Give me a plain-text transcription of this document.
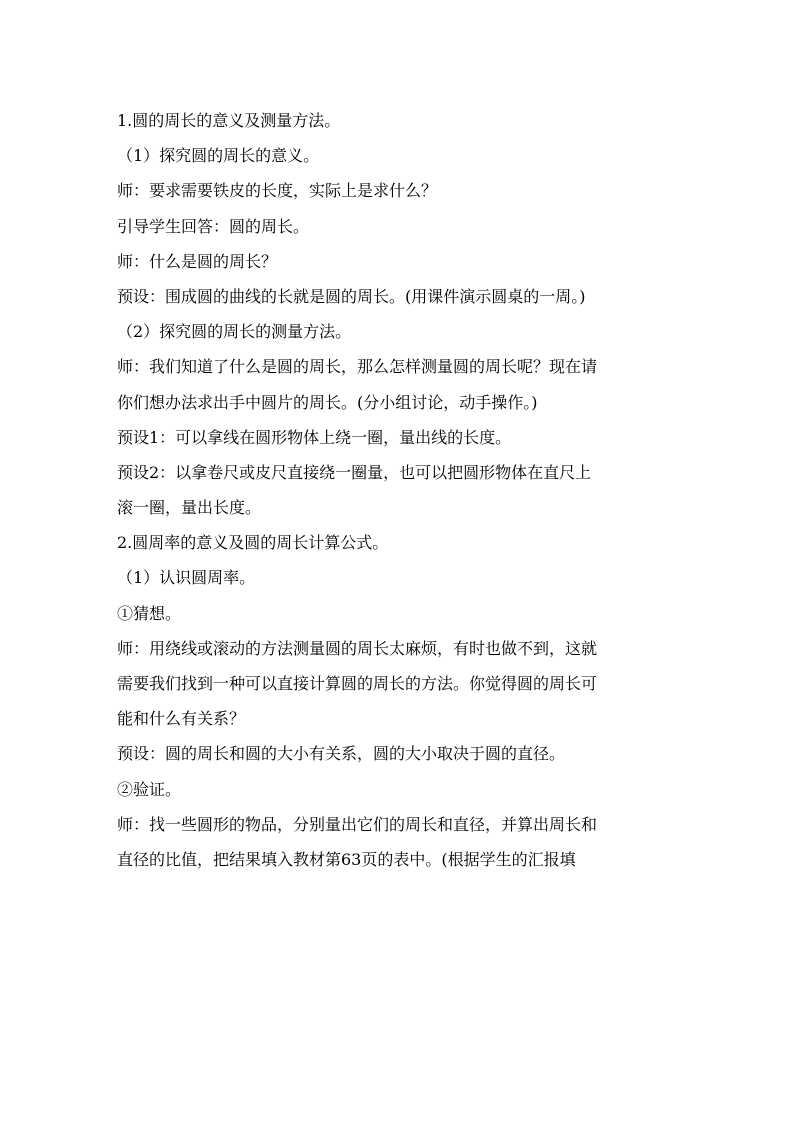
1.圆的周长的意义及测量方法。
（1）探究圆的周长的意义。
师：要求需要铁皮的长度，实际上是求什么？
引导学生回答：圆的周长。
师：什么是圆的周长？
预设：围成圆的曲线的长就是圆的周长。(用课件演示圆桌的一周。)
（2）探究圆的周长的测量方法。
师：我们知道了什么是圆的周长，那么怎样测量圆的周长呢？现在请
你们想办法求出手中圆片的周长。(分小组讨论，动手操作。)
预设1：可以拿线在圆形物体上绕一圈，量出线的长度。
预设2：以拿卷尺或皮尺直接绕一圈量，也可以把圆形物体在直尺上
滚一圈，量出长度。
2.圆周率的意义及圆的周长计算公式。
（1）认识圆周率。
①猜想。
师：用绕线或滚动的方法测量圆的周长太麻烦，有时也做不到，这就
需要我们找到一种可以直接计算圆的周长的方法。你觉得圆的周长可
能和什么有关系？
预设：圆的周长和圆的大小有关系，圆的大小取决于圆的直径。
②验证。
师：找一些圆形的物品，分别量出它们的周长和直径，并算出周长和
直径的比值，把结果填入教材第63页的表中。(根据学生的汇报填
